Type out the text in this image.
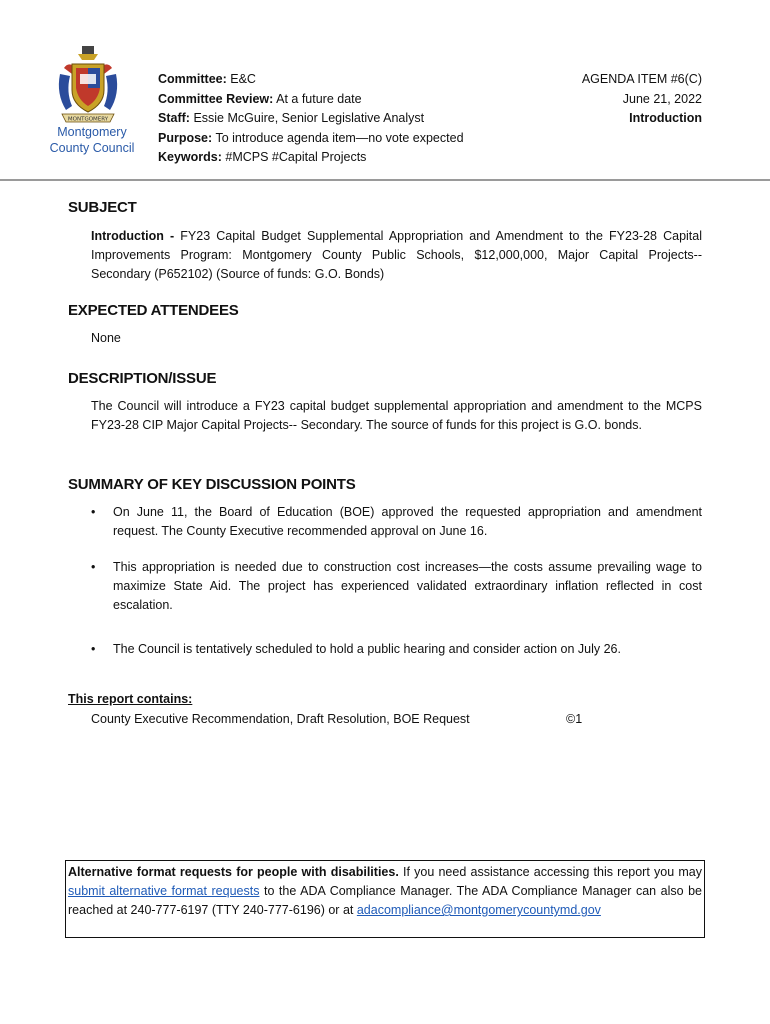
MONTGOMERY
Montgomery
County Council
Committee: E&C
Committee Review: At a future date
Staff: Essie McGuire, Senior Legislative Analyst
Purpose: To introduce agenda item—no vote expected
Keywords: #MCPS #Capital Projects
AGENDA ITEM #6(C)
June 21, 2022
Introduction
SUBJECT

Introduction - FY23 Capital Budget Supplemental Appropriation and Amendment to the FY23-28 Capital Improvements Program: Montgomery County Public Schools, $12,000,000, Major Capital Projects-- Secondary (P652102) (Source of funds: G.O. Bonds)

EXPECTED ATTENDEES

None

DESCRIPTION/ISSUE

The Council will introduce a FY23 capital budget supplemental appropriation and amendment to the MCPS FY23-28 CIP Major Capital Projects-- Secondary. The source of funds for this project is G.O. bonds.

SUMMARY OF KEY DISCUSSION POINTS
• On June 11, the Board of Education (BOE) approved the requested appropriation and amendment request. The County Executive recommended approval on June 16.
• This appropriation is needed due to construction cost increases—the costs assume prevailing wage to maximize State Aid. The project has experienced validated extraordinary inflation reflected in cost escalation.
• The Council is tentatively scheduled to hold a public hearing and consider action on July 26.
This report contains:
County Executive Recommendation, Draft Resolution, BOE Request	©1
Alternative format requests for people with disabilities. If you need assistance accessing this report you may submit alternative format requests to the ADA Compliance Manager. The ADA Compliance Manager can also be reached at 240-777-6197 (TTY 240-777-6196) or at adacompliance@montgomerycountymd.gov
